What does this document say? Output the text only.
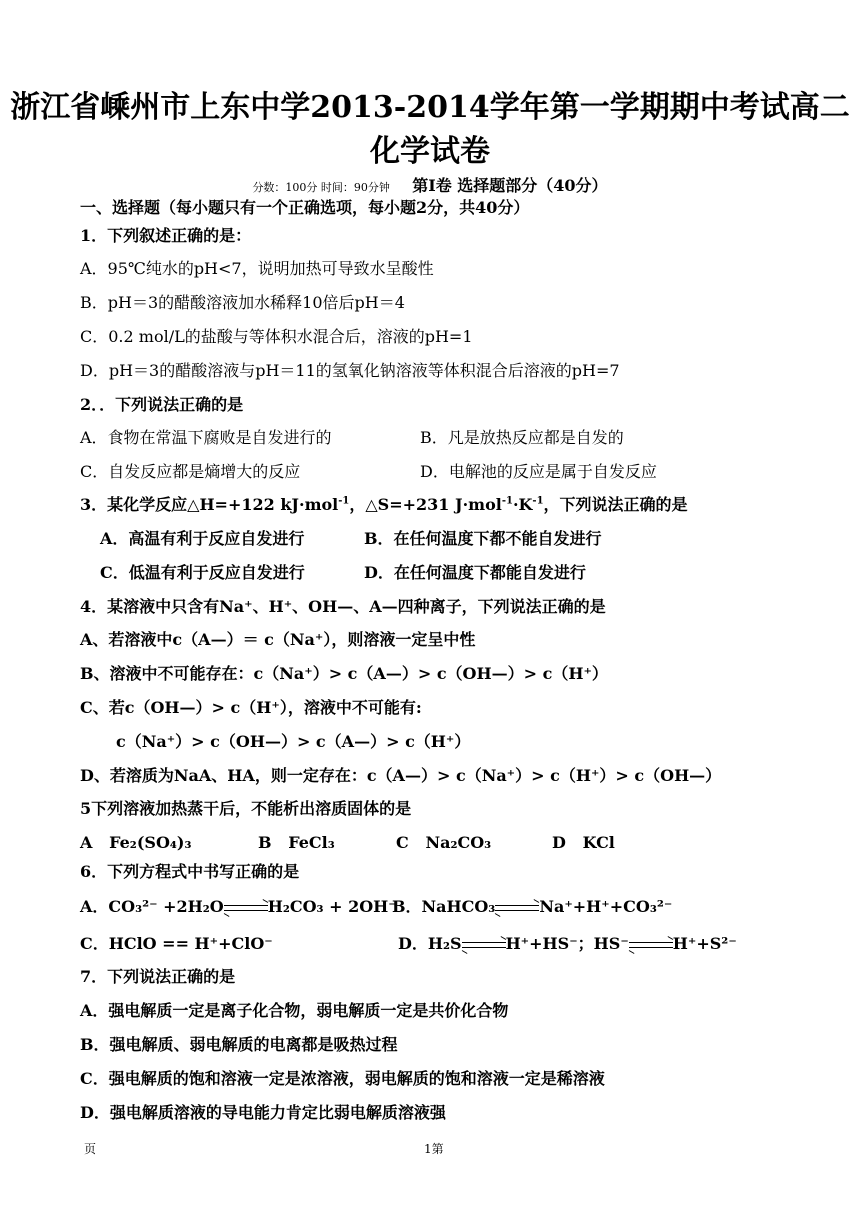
浙江省嵊州市上东中学2013-2014学年第一学期期中考试高二
化学试卷
分数：100分 时间：90分钟 第Ⅰ卷 选择题部分（40分）
一、选择题（每小题只有一个正确选项，每小题2分，共40分）
1．下列叙述正确的是：
A．95℃纯水的pH<7，说明加热可导致水呈酸性
B．pH＝3的醋酸溶液加水稀释10倍后pH＝4
C．0.2 mol/L的盐酸与等体积水混合后，溶液的pH=1
D．pH＝3的醋酸溶液与pH＝11的氢氧化钠溶液等体积混合后溶液的pH=7
2．．下列说法正确的是
A．食物在常温下腐败是自发进行的	B．凡是放热反应都是自发的
C．自发反应都是熵增大的反应	D．电解池的反应是属于自发反应
3．某化学反应△H=+122 kJ·mol$^{-1}$，△S=+231 $J\cdot mol^{-1}\cdot K^{-1}$，下列说法正确的是
A．高温有利于反应自发进行	B．在任何温度下都不能自发进行
C．低温有利于反应自发进行	D．在任何温度下都能自发进行
4．某溶液中只含有Na⁺、H⁺、OH—、A—四种离子，下列说法正确的是
A、若溶液中c（A—）＝ c（Na⁺），则溶液一定呈中性
B、溶液中不可能存在：c（Na⁺）> c（A—）> c（OH—）> c（H⁺）
C、若c（OH—）> c（H⁺），溶液中不可能有:
c（Na⁺）> c（OH—）> c（A—）> c（H⁺）
D、若溶质为NaA、HA，则一定存在：c（A—）> c（Na⁺）> c（H⁺）> c（OH—）
5下列溶液加热蒸干后，不能析出溶质固体的是
A Fe₂(SO₄)₃	B FeCl₃	C Na₂CO₃	D KCl
6．下列方程式中书写正确的是
A．CO₃²⁻ +2H₂O	H₂CO₃ + 2OH⁻
B．NaHCO₃	Na⁺+H⁺+CO₃²⁻
C．HClO == H⁺+ClO⁻	D．H₂S	H⁺+HS⁻；HS⁻	H⁺+S²⁻
7．下列说法正确的是
A．强电解质一定是离子化合物，弱电解质一定是共价化合物
B．强电解质、弱电解质的电离都是吸热过程
C．强电解质的饱和溶液一定是浓溶液，弱电解质的饱和溶液一定是稀溶液
D．强电解质溶液的导电能力肯定比弱电解质溶液强
页	1第
